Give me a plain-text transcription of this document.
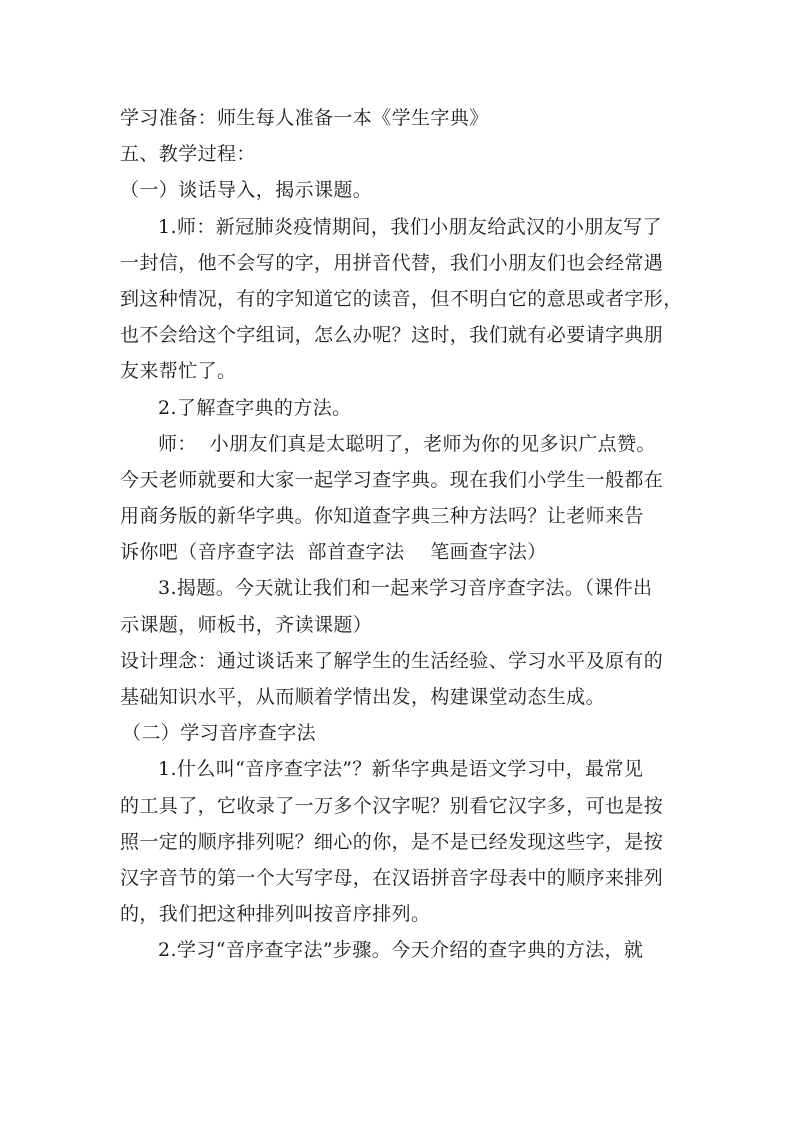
学习准备：师生每人准备一本《学生字典》

五、教学过程：

（一）谈话导入，揭示课题。

1.师：新冠肺炎疫情期间，我们小朋友给武汉的小朋友写了

一封信，他不会写的字，用拼音代替，我们小朋友们也会经常遇

到这种情况，有的字知道它的读音，但不明白它的意思或者字形，

也不会给这个字组词，怎么办呢？这时，我们就有必要请字典朋

友来帮忙了。

2.了解查字典的方法。

师：  小朋友们真是太聪明了，老师为你的见多识广点赞。

今天老师就要和大家一起学习查字典。现在我们小学生一般都在

用商务版的新华字典。你知道查字典三种方法吗？让老师来告

诉你吧（音序查字法  部首查字法    笔画查字法）

3.揭题。今天就让我们和一起来学习音序查字法。（课件出

示课题，师板书，齐读课题）

设计理念：通过谈话来了解学生的生活经验、学习水平及原有的

基础知识水平，从而顺着学情出发，构建课堂动态生成。

（二）学习音序查字法

1.什么叫“音序查字法”？新华字典是语文学习中，最常见

的工具了，它收录了一万多个汉字呢？别看它汉字多，可也是按

照一定的顺序排列呢？细心的你，是不是已经发现这些字，是按

汉字音节的第一个大写字母，在汉语拼音字母表中的顺序来排列

的，我们把这种排列叫按音序排列。

2.学习“音序查字法”步骤。今天介绍的查字典的方法，就
